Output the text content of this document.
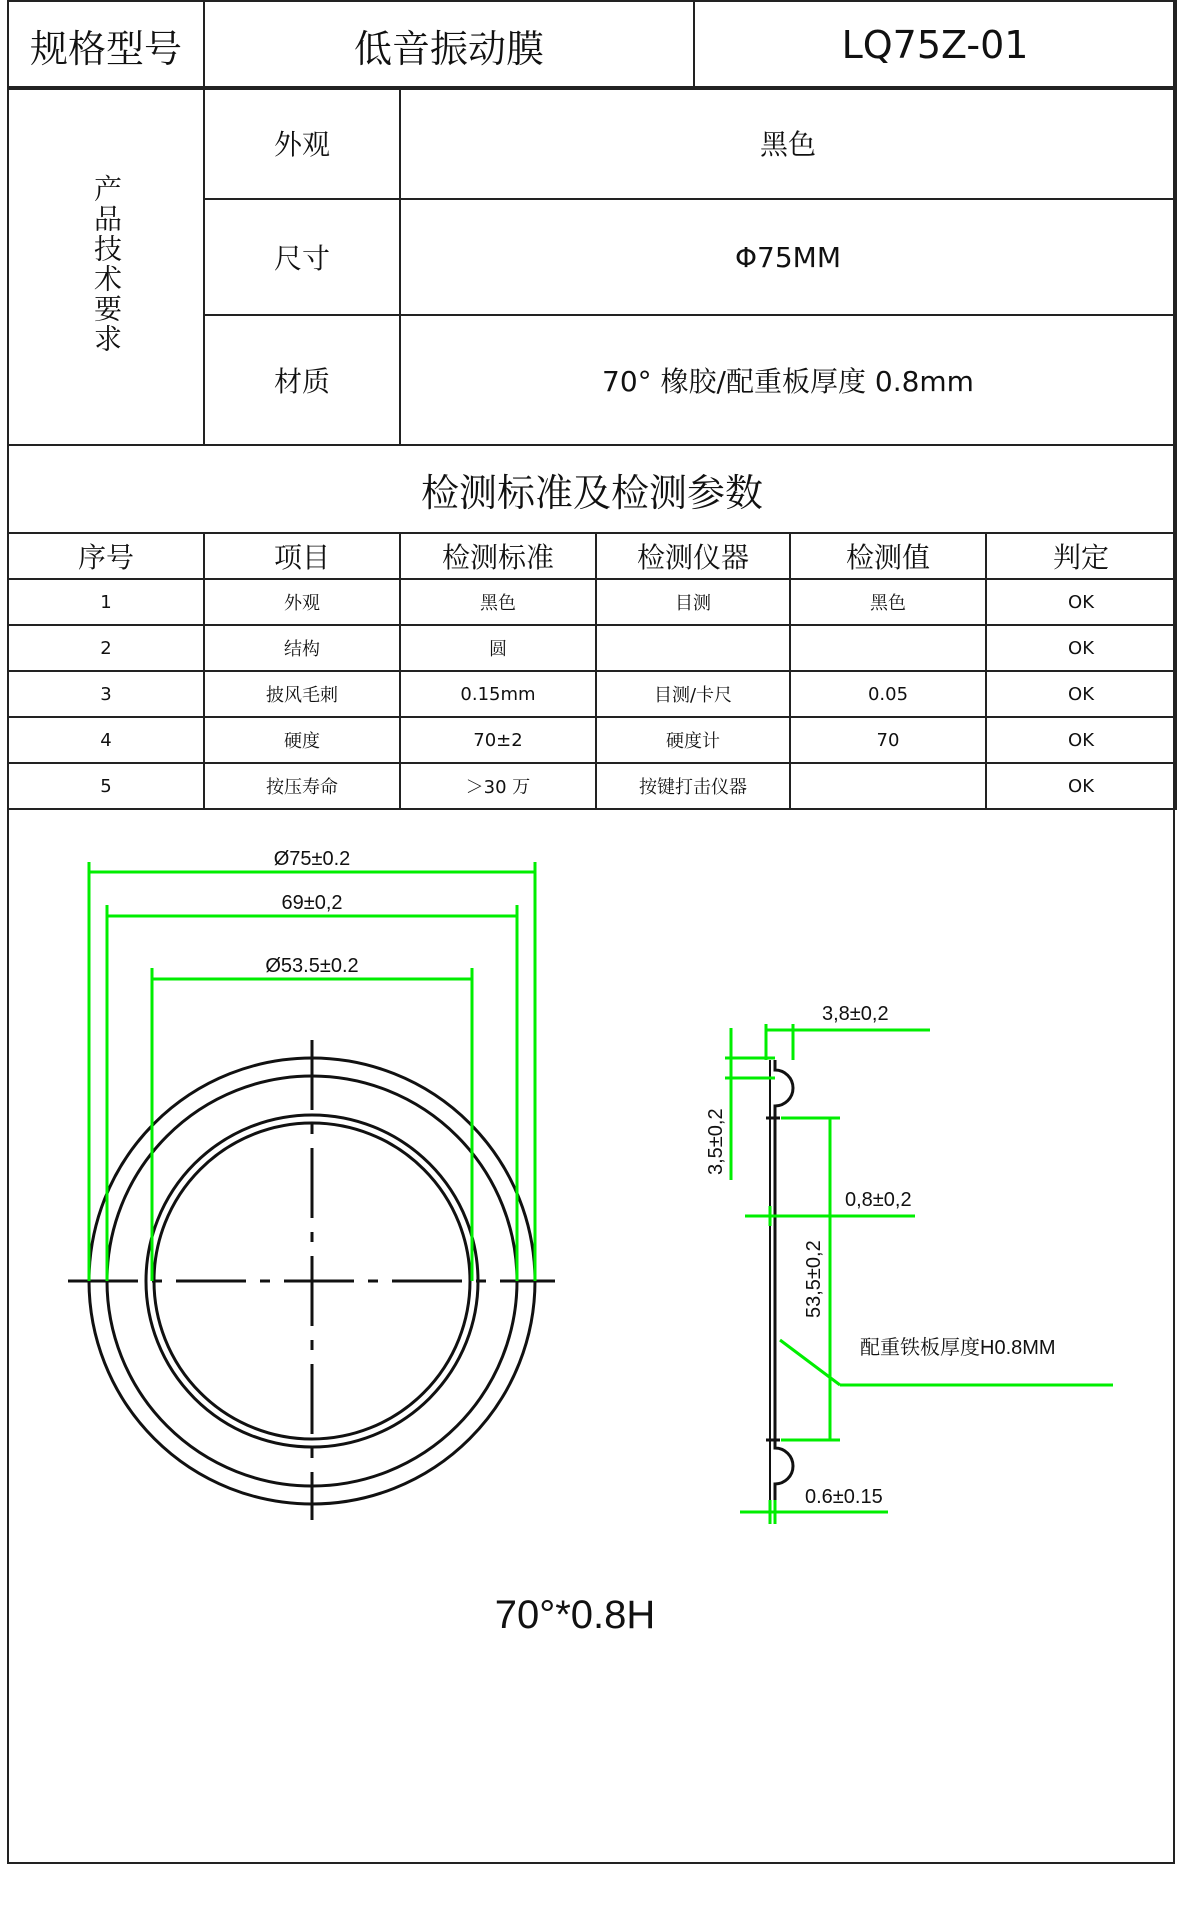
规格型号	低音振动膜	LQ75Z-01
产品技术要求	外观	黑色
	尺寸	Φ75MM
	材质	70° 橡胶/配重板厚度 0.8mm
检测标准及检测参数					
序号	项目	检测标准	检测仪器	检测值	判定
1	外观	黑色	目测	黑色	OK
2	结构	圆			OK
3	披风毛刺	0.15mm	目测/卡尺	0.05	OK
4	硬度	70±2	硬度计	70	OK
5	按压寿命	＞30 万	按键打击仪器		OK
Ø75±0.2
69±0,2
Ø53.5±0.2
3,8±0,2
3,5±0,2
0,8±0,2
53,5±0,2
配重铁板厚度H0.8MM
0.6±0.15
70°*0.8H
